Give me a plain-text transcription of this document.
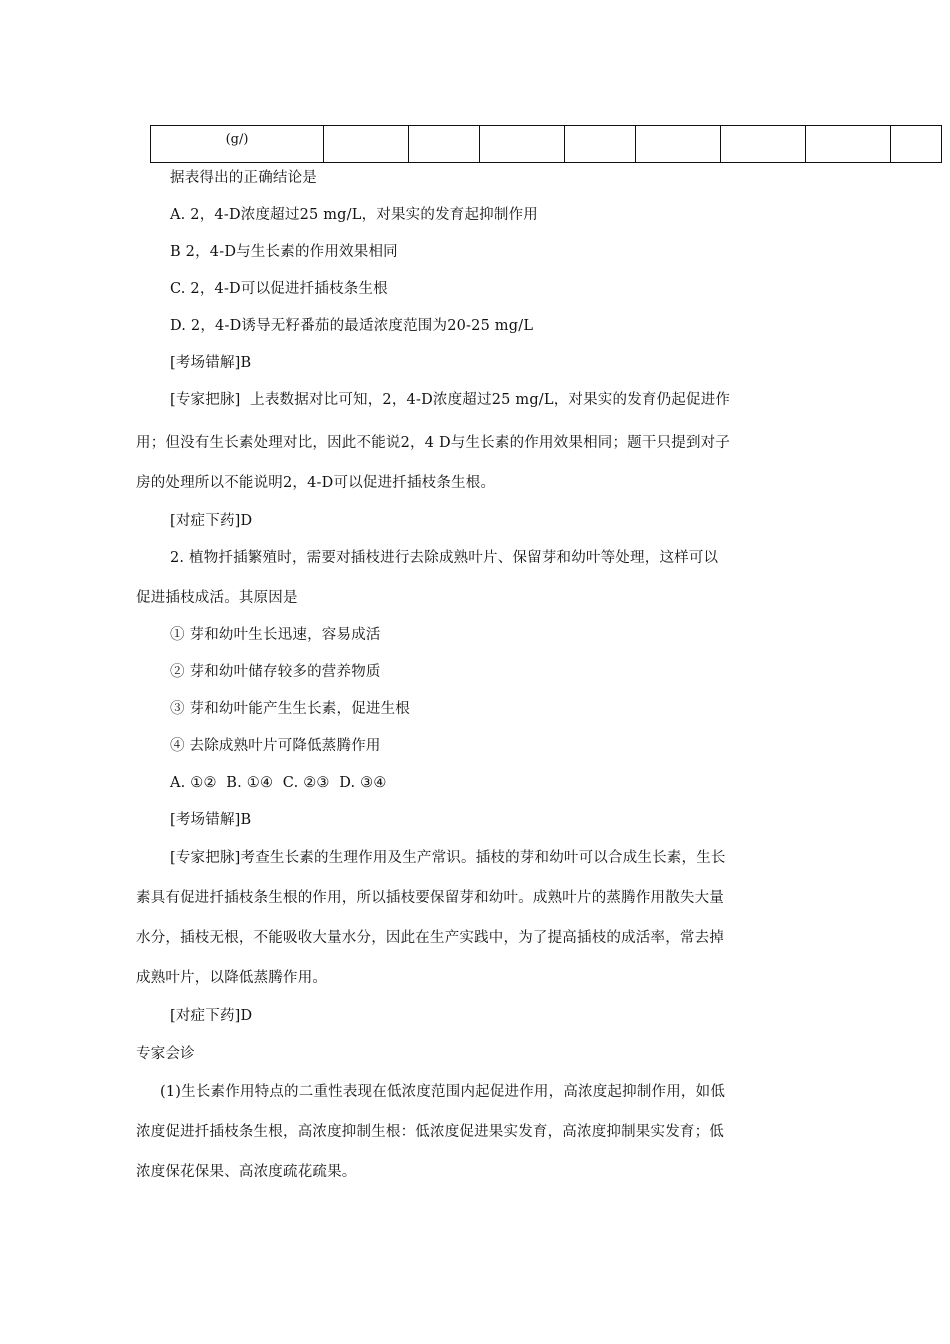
(g/)								
据表得出的正确结论是
A. 2，4-D浓度超过25 mg/L，对果实的发育起抑制作用
B 2，4-D与生长素的作用效果相同
C. 2，4-D可以促进扦插枝条生根
D. 2，4-D诱导无籽番茄的最适浓度范围为20-25 mg/L
[考场错解]B
[专家把脉]  上表数据对比可知，2，4-D浓度超过25 mg/L，对果实的发育仍起促进作
用；但没有生长素处理对比，因此不能说2，4 D与生长素的作用效果相同；题干只提到对子
房的处理所以不能说明2，4-D可以促进扦插枝条生根。
[对症下药]D
2. 植物扦插繁殖时，需要对插枝进行去除成熟叶片、保留芽和幼叶等处理，这样可以
促进插枝成活。其原因是
① 芽和幼叶生长迅速，容易成活
② 芽和幼叶储存较多的营养物质
③ 芽和幼叶能产生生长素，促进生根
④ 去除成熟叶片可降低蒸腾作用
A. ①②  B. ①④  C. ②③  D. ③④
[考场错解]B
[专家把脉]考查生长素的生理作用及生产常识。插枝的芽和幼叶可以合成生长素，生长
素具有促进扦插枝条生根的作用，所以插枝要保留芽和幼叶。成熟叶片的蒸腾作用散失大量
水分，插枝无根，不能吸收大量水分，因此在生产实践中，为了提高插枝的成活率，常去掉
成熟叶片，以降低蒸腾作用。
[对症下药]D
专家会诊
(1)生长素作用特点的二重性表现在低浓度范围内起促进作用，高浓度起抑制作用，如低
浓度促进扦插枝条生根，高浓度抑制生根：低浓度促进果实发育，高浓度抑制果实发育；低
浓度保花保果、高浓度疏花疏果。
